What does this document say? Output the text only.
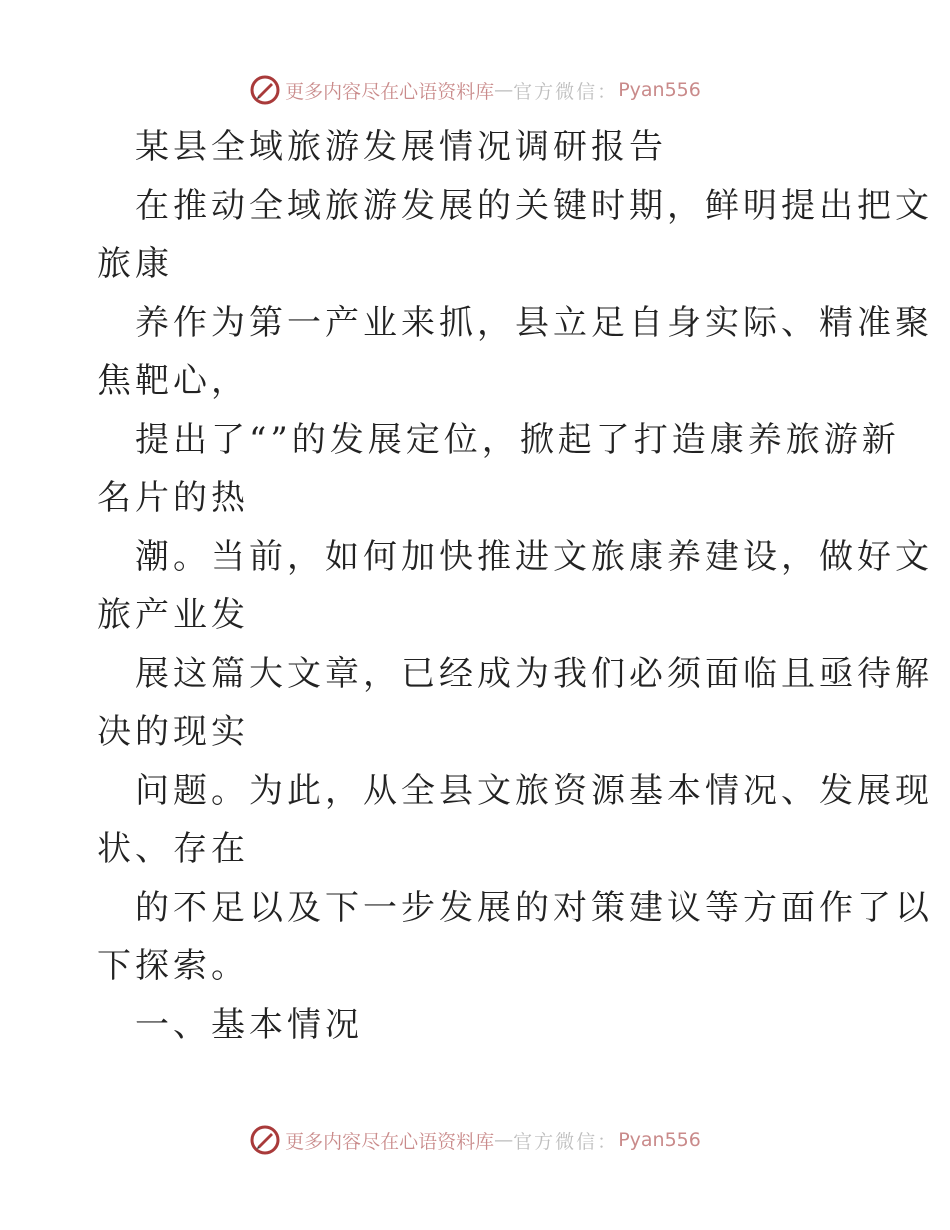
更多内容尽在心语资料库 — 官方微信： Pyan556
某县全域旅游发展情况调研报告
在推动全域旅游发展的关键时期，鲜明提出把文
旅康
养作为第一产业来抓，县立足自身实际、精准聚
焦靶心，
提出了“”的发展定位，掀起了打造康养旅游新
名片的热
潮。当前，如何加快推进文旅康养建设，做好文
旅产业发
展这篇大文章，已经成为我们必须面临且亟待解
决的现实
问题。为此，从全县文旅资源基本情况、发展现
状、存在
的不足以及下一步发展的对策建议等方面作了以
下探索。
一、基本情况
更多内容尽在心语资料库 — 官方微信： Pyan556
